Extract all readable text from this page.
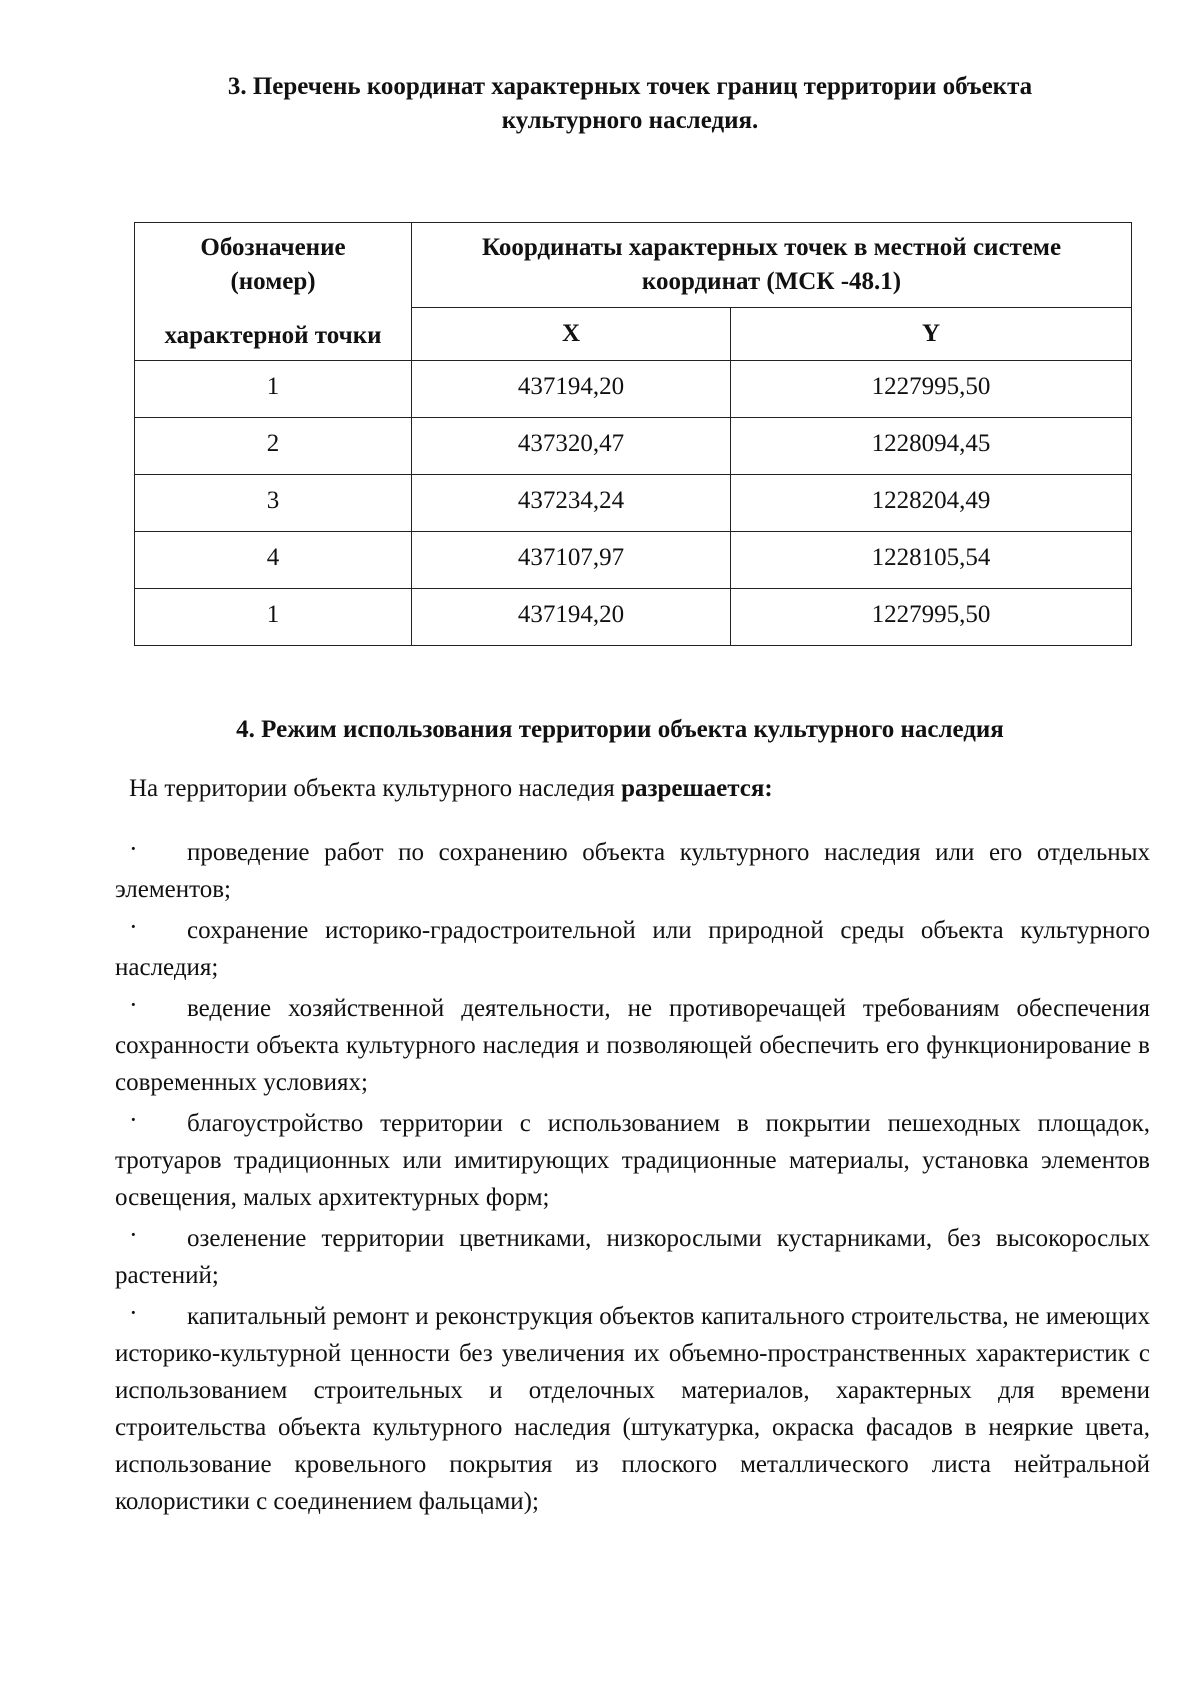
3. Перечень координат характерных точек границ территории объекта
культурного наследия.
Обозначение
(номер)
характерной точки	Координаты характерных точек в местной системе
координат (МСК -48.1)	

	X	Y
1	437194,20	1227995,50
2	437320,47	1228094,45
3	437234,24	1228204,49
4	437107,97	1228105,54
1	437194,20	1227995,50
4. Режим использования территории объекта культурного наследия

На территории объекта культурного наследия разрешается:

· проведение работ по сохранению объекта культурного наследия или его отдельных элементов;
· сохранение историко-градостроительной или природной среды объекта культурного наследия;
· ведение хозяйственной деятельности, не противоречащей требованиям обеспечения сохранности объекта культурного наследия и позволяющей обеспечить его функционирование в современных условиях;
· благоустройство территории с использованием в покрытии пешеходных площадок, тротуаров традиционных или имитирующих традиционные материалы, установка элементов освещения, малых архитектурных форм;
· озеленение территории цветниками, низкорослыми кустарниками, без высокорослых растений;
· капитальный ремонт и реконструкция объектов капитального строительства, не имеющих историко-культурной ценности без увеличения их объемно-пространственных характеристик с использованием строительных и отделочных материалов, характерных для времени строительства объекта культурного наследия (штукатурка, окраска фасадов в неяркие цвета, использование кровельного покрытия из плоского металлического листа нейтральной колористики с соединением фальцами);
